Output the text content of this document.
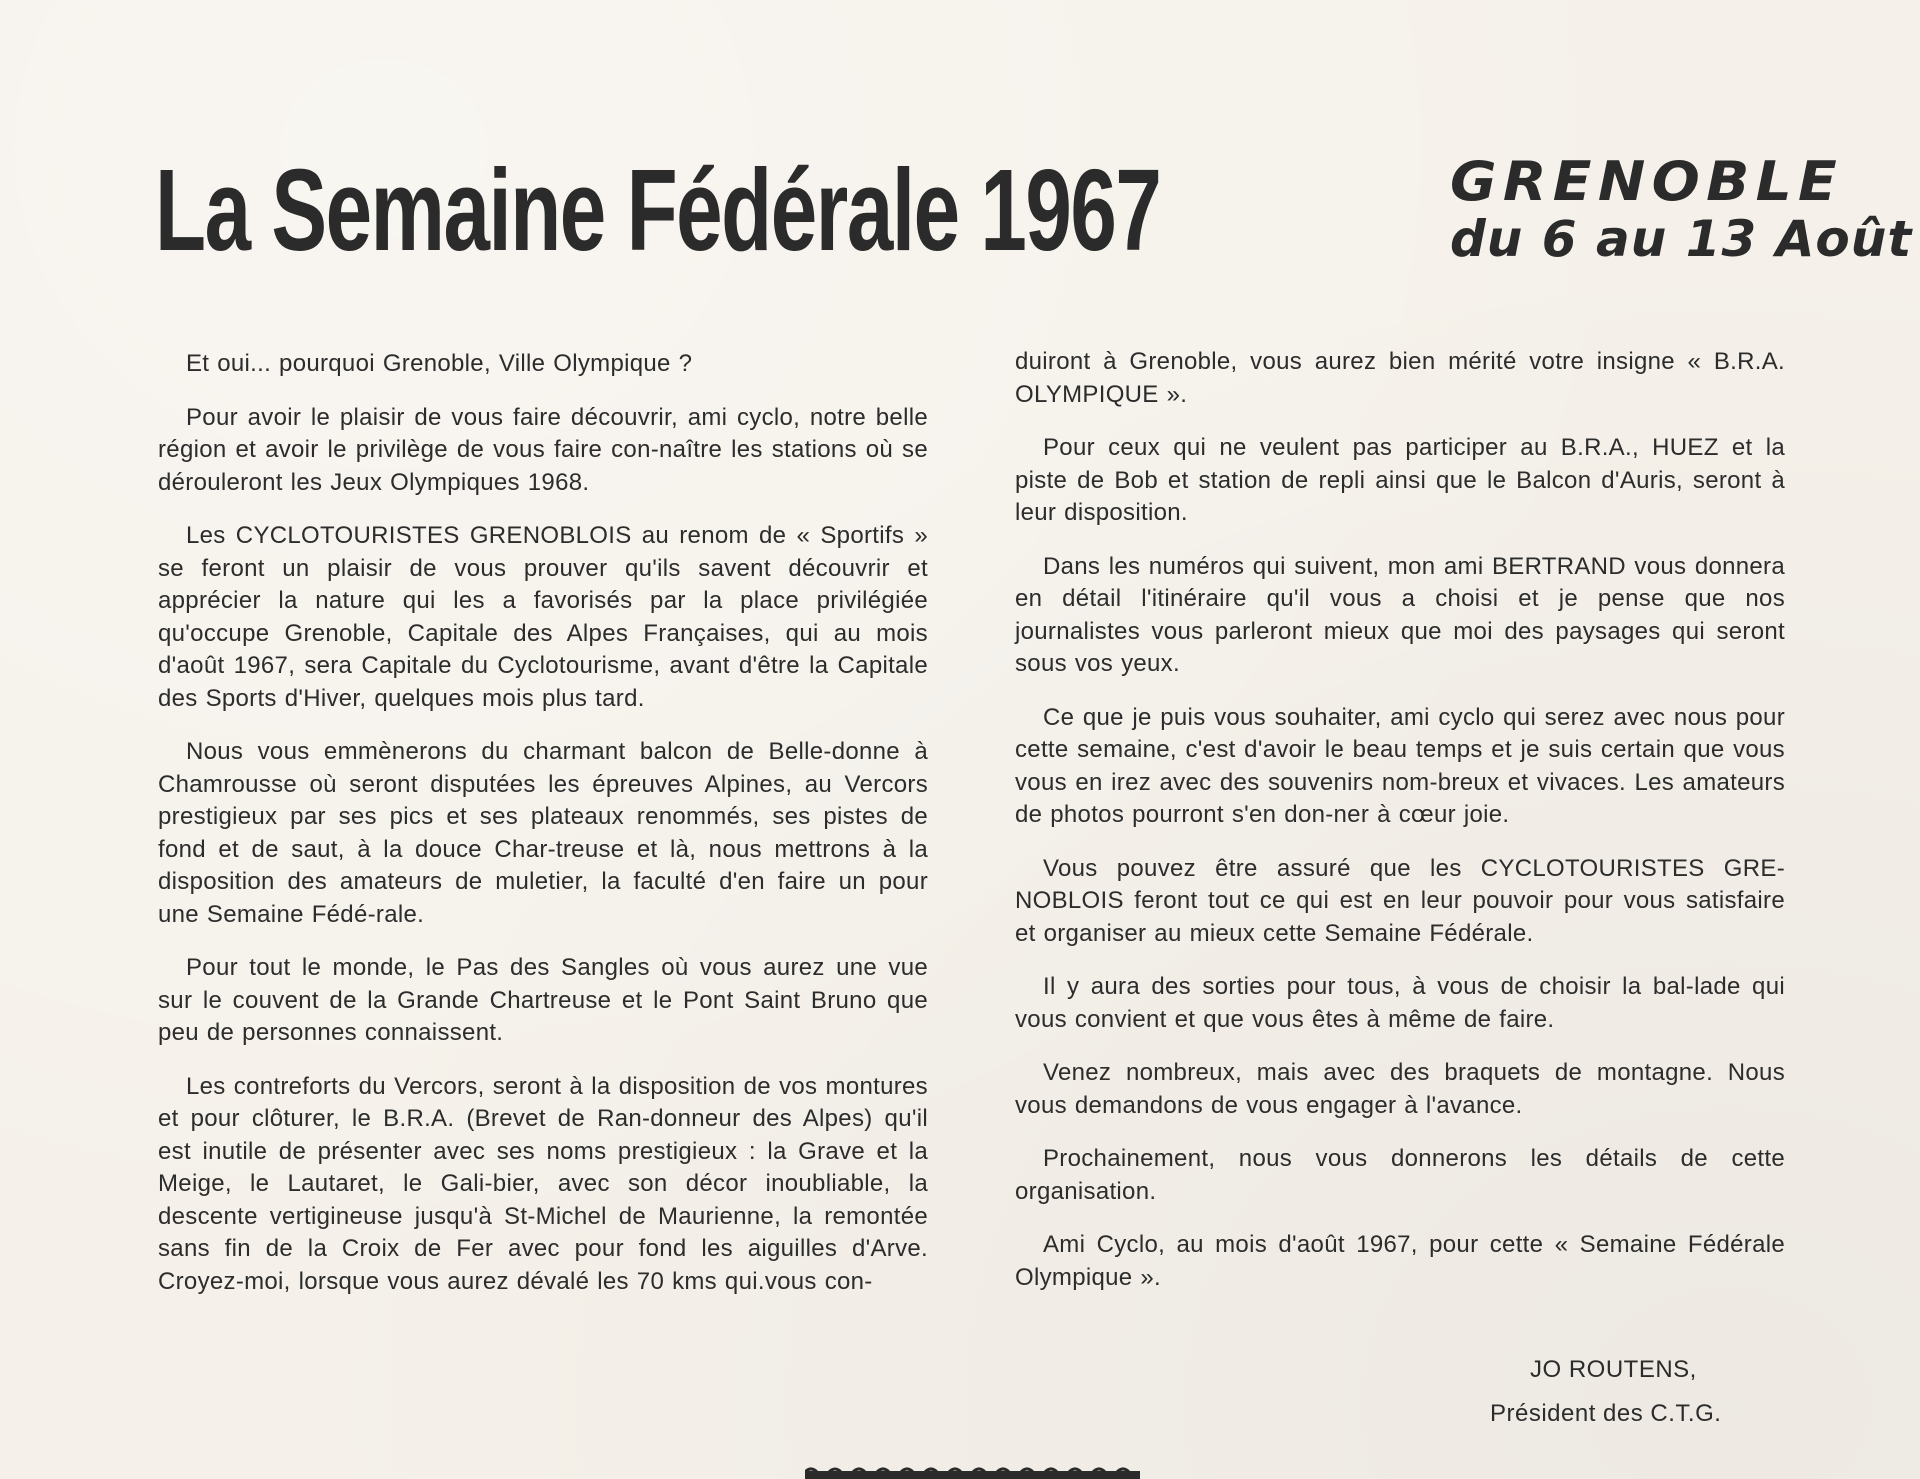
La Semaine Fédérale 1967	GRENOBLE
du 6 au 13 Août

Et oui... pourquoi Grenoble, Ville Olympique ?

Pour avoir le plaisir de vous faire découvrir, ami cyclo, notre belle région et avoir le privilège de vous faire con-naître les stations où se dérouleront les Jeux Olympiques 1968.

Les CYCLOTOURISTES GRENOBLOIS au renom de « Sportifs » se feront un plaisir de vous prouver qu'ils savent découvrir et apprécier la nature qui les a favorisés par la place privilégiée qu'occupe Grenoble, Capitale des Alpes Françaises, qui au mois d'août 1967, sera Capitale du Cyclotourisme, avant d'être la Capitale des Sports d'Hiver, quelques mois plus tard.

Nous vous emmènerons du charmant balcon de Belle-donne à Chamrousse où seront disputées les épreuves Alpines, au Vercors prestigieux par ses pics et ses plateaux renommés, ses pistes de fond et de saut, à la douce Char-treuse et là, nous mettrons à la disposition des amateurs de muletier, la faculté d'en faire un pour une Semaine Fédé-rale.

Pour tout le monde, le Pas des Sangles où vous aurez une vue sur le couvent de la Grande Chartreuse et le Pont Saint Bruno que peu de personnes connaissent.

Les contreforts du Vercors, seront à la disposition de vos montures et pour clôturer, le B.R.A. (Brevet de Ran-donneur des Alpes) qu'il est inutile de présenter avec ses noms prestigieux : la Grave et la Meige, le Lautaret, le Gali-bier, avec son décor inoubliable, la descente vertigineuse jusqu'à St-Michel de Maurienne, la remontée sans fin de la Croix de Fer avec pour fond les aiguilles d'Arve. Croyez-moi, lorsque vous aurez dévalé les 70 kms qui.vous con-

duiront à Grenoble, vous aurez bien mérité votre insigne « B.R.A. OLYMPIQUE ».

Pour ceux qui ne veulent pas participer au B.R.A., HUEZ et la piste de Bob et station de repli ainsi que le Balcon d'Auris, seront à leur disposition.

Dans les numéros qui suivent, mon ami BERTRAND vous donnera en détail l'itinéraire qu'il vous a choisi et je pense que nos journalistes vous parleront mieux que moi des paysages qui seront sous vos yeux.

Ce que je puis vous souhaiter, ami cyclo qui serez avec nous pour cette semaine, c'est d'avoir le beau temps et je suis certain que vous vous en irez avec des souvenirs nom-breux et vivaces. Les amateurs de photos pourront s'en don-ner à cœur joie.

Vous pouvez être assuré que les CYCLOTOURISTES GRE-NOBLOIS feront tout ce qui est en leur pouvoir pour vous satisfaire et organiser au mieux cette Semaine Fédérale.

Il y aura des sorties pour tous, à vous de choisir la bal-lade qui vous convient et que vous êtes à même de faire.

Venez nombreux, mais avec des braquets de montagne. Nous vous demandons de vous engager à l'avance.

Prochainement, nous vous donnerons les détails de cette organisation.

Ami Cyclo, au mois d'août 1967, pour cette « Semaine Fédérale Olympique ».

JO ROUTENS,
Président des C.T.G.
